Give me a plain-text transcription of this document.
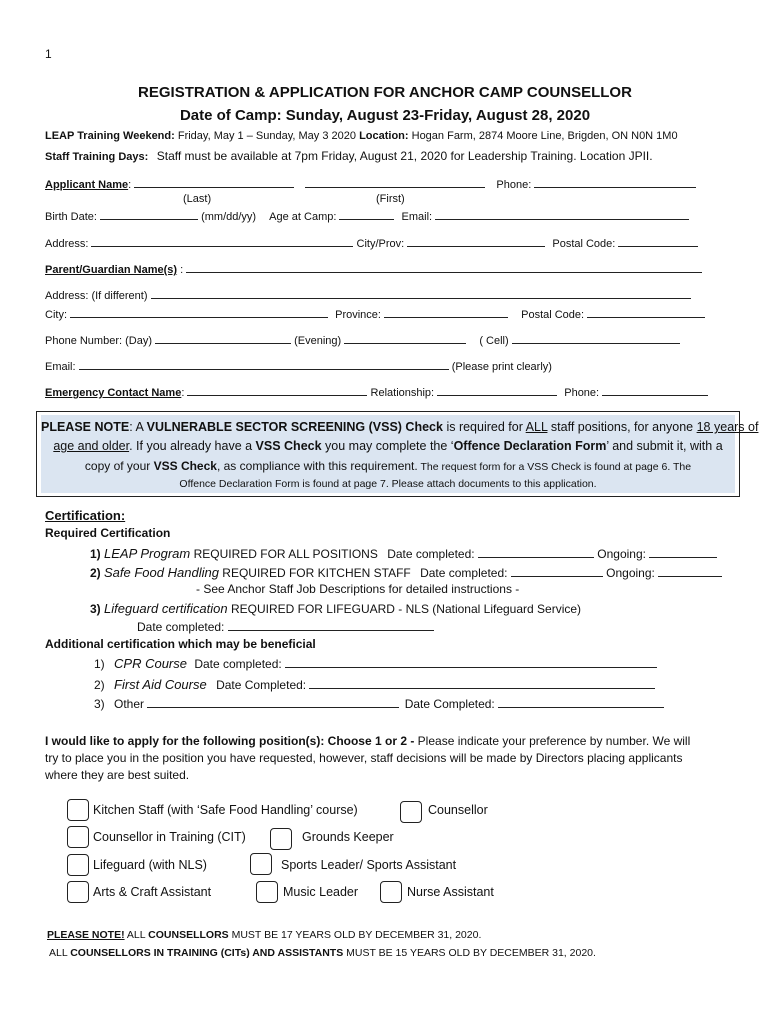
1
REGISTRATION & APPLICATION FOR ANCHOR CAMP COUNSELLOR
Date of Camp: Sunday, August 23-Friday, August 28, 2020
LEAP Training Weekend: Friday, May 1 – Sunday, May 3 2020 Location: Hogan Farm, 2874 Moore Line, Brigden, ON N0N 1M0
Staff Training Days: Staff must be available at 7pm Friday, August 21, 2020 for Leadership Training. Location JPII.
Applicant Name:	Phone:
(Last)	(First)
Birth Date:	(mm/dd/yy) Age at Camp:	Email:
Address:	City/Prov:	Postal Code:
Parent/Guardian Name(s) :
Address: (If different)
City:	Province:	Postal Code:
Phone Number: (Day)	(Evening)	( Cell)
Email:	(Please print clearly)
Emergency Contact Name:	Relationship:	Phone:
PLEASE NOTE: A VULNERABLE SECTOR SCREENING (VSS) Check is required for ALL staff positions, for anyone 18 years of
age and older. If you already have a VSS Check you may complete the ‘Offence Declaration Form’ and submit it, with a
copy of your VSS Check, as compliance with this requirement. The request form for a VSS Check is found at page 6. The
Offence Declaration Form is found at page 7. Please attach documents to this application.
Certification:
Required Certification
1) LEAP Program REQUIRED FOR ALL POSITIONS Date completed:	Ongoing:
2) Safe Food Handling REQUIRED FOR KITCHEN STAFF Date completed:	Ongoing:
- See Anchor Staff Job Descriptions for detailed instructions -
3) Lifeguard certification REQUIRED FOR LIFEGUARD - NLS (National Lifeguard Service)
Date completed:
Additional certification which may be beneficial
1) CPR Course Date completed:
2) First Aid Course Date Completed:
3) Other	Date Completed:
I would like to apply for the following position(s): Choose 1 or 2 - Please indicate your preference by number. We will
try to place you in the position you have requested, however, staff decisions will be made by Directors placing applicants
where they are best suited.
Kitchen Staff (with ‘Safe Food Handling’ course)	Counsellor
Counsellor in Training (CIT)	Grounds Keeper
Lifeguard (with NLS)	Sports Leader/ Sports Assistant
Arts & Craft Assistant	Music Leader	Nurse Assistant
PLEASE NOTE! ALL COUNSELLORS MUST BE 17 YEARS OLD BY DECEMBER 31, 2020.
ALL COUNSELLORS IN TRAINING (CITs) AND ASSISTANTS MUST BE 15 YEARS OLD BY DECEMBER 31, 2020.
